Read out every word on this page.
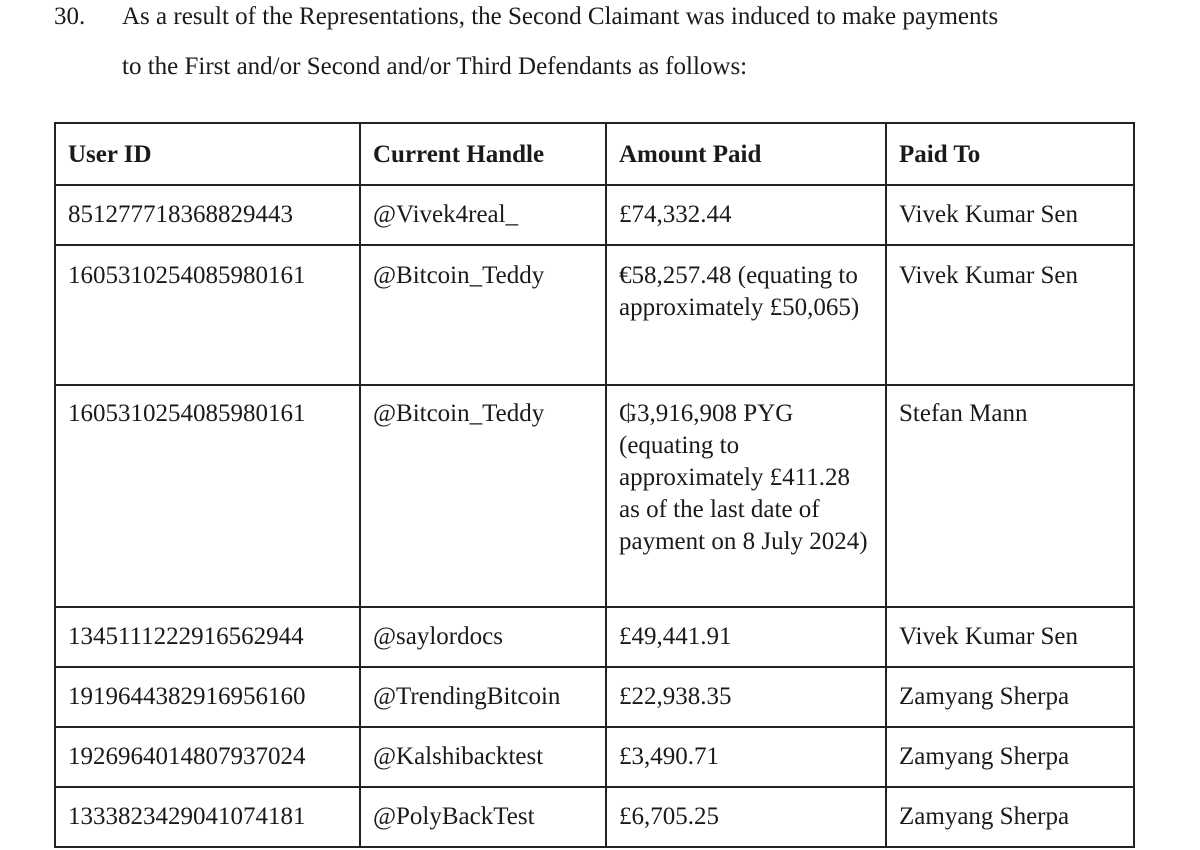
30. As a result of the Representations, the Second Claimant was induced to make payments
to the First and/or Second and/or Third Defendants as follows:
User ID	Current Handle	Amount Paid	Paid To
851277718368829443	@Vivek4real_	£74,332.44	Vivek Kumar Sen
1605310254085980161	@Bitcoin_Teddy	€58,257.48 (equating to approximately £50,065)	Vivek Kumar Sen
1605310254085980161	@Bitcoin_Teddy	₲3,916,908 PYG (equating to approximately £411.28 as of the last date of payment on 8 July 2024)	Stefan Mann
1345111222916562944	@saylordocs	£49,441.91	Vivek Kumar Sen
1919644382916956160	@TrendingBitcoin	£22,938.35	Zamyang Sherpa
1926964014807937024	@Kalshibacktest	£3,490.71	Zamyang Sherpa
1333823429041074181	@PolyBackTest	£6,705.25	Zamyang Sherpa
